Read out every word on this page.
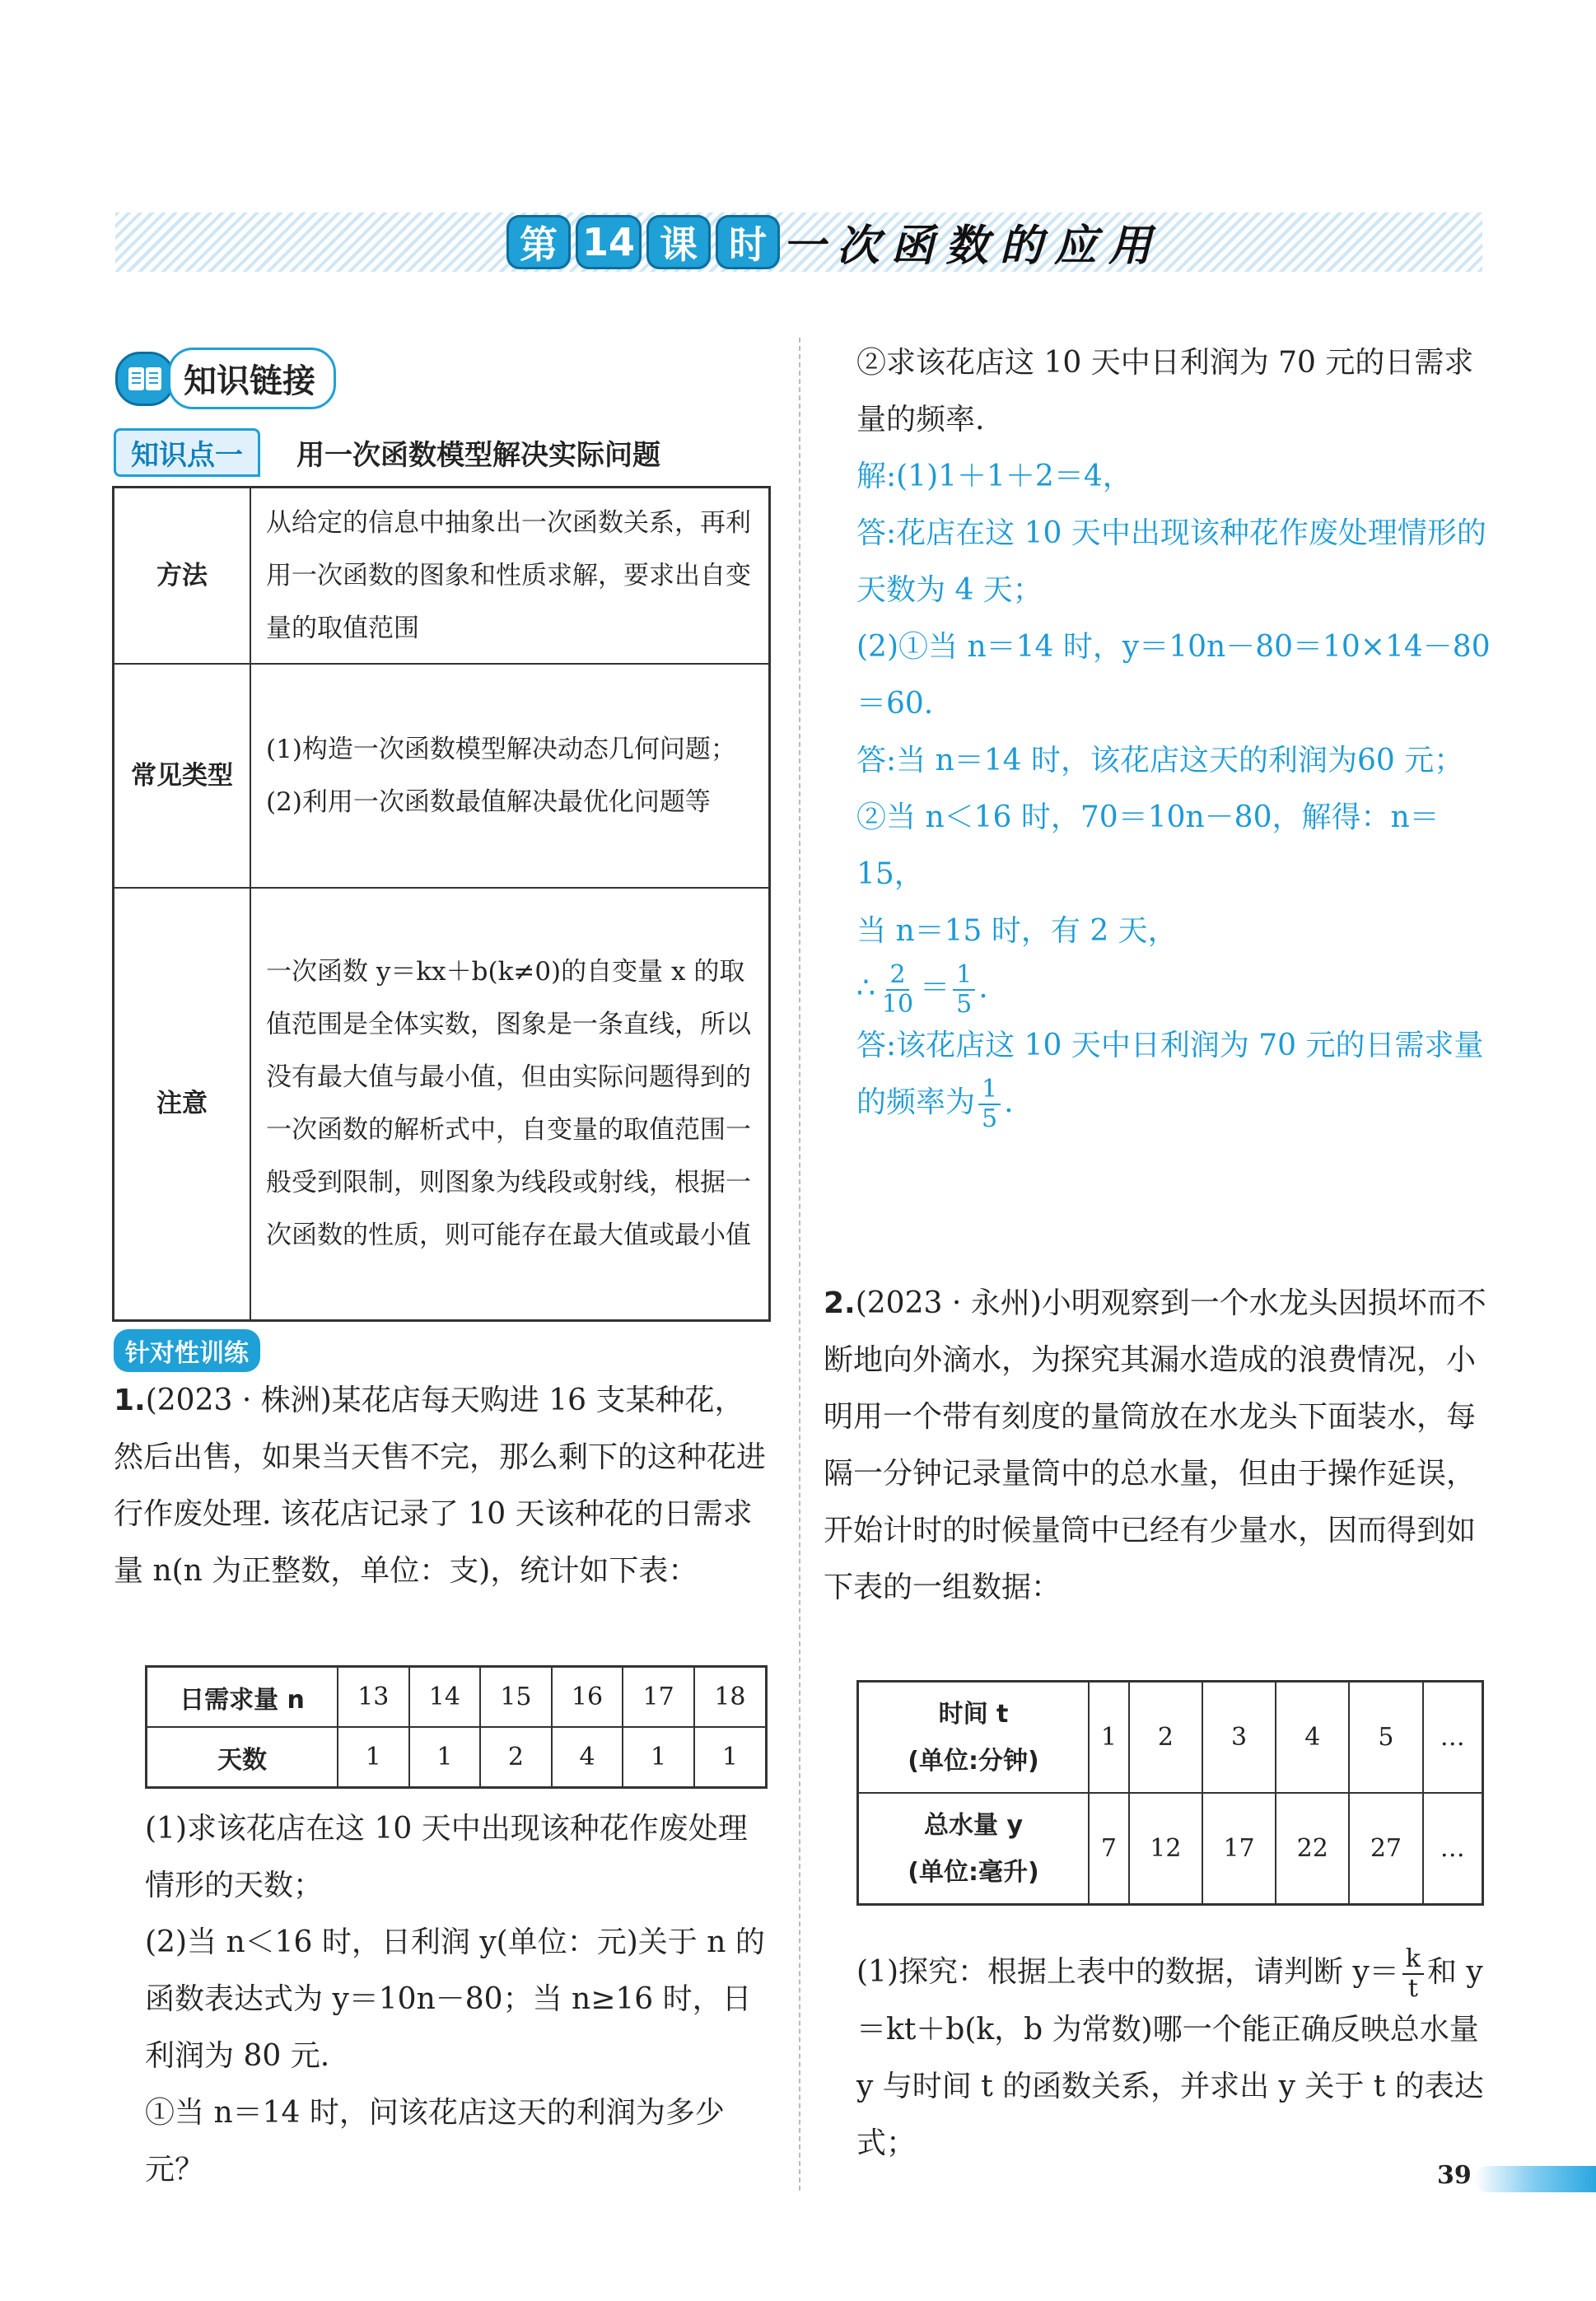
第 14 课 时 一次函数的应用
知识链接
知识点一	用一次函数模型解决实际问题
方法	从给定的信息中抽象出一次函数关系，再利用一次函数的图象和性质求解，要求出自变量的取值范围
常见类型	(1)构造一次函数模型解决动态几何问题；(2)利用一次函数最值解决最优化问题等
注意	一次函数 y＝kx＋b(k≠0)的自变量 x 的取值范围是全体实数，图象是一条直线，所以没有最大值与最小值，但由实际问题得到的一次函数的解析式中，自变量的取值范围一般受到限制，则图象为线段或射线，根据一次函数的性质，则可能存在最大值或最小值
针对性训练
1.(2023 · 株洲)某花店每天购进 16 支某种花，然后出售，如果当天售不完，那么剩下的这种花进行作废处理. 该花店记录了 10 天该种花的日需求量 n(n 为正整数，单位：支)，统计如下表：
日需求量 n	13	14	15	16	17	18
天数	1	1	2	4	1	1
(1)求该花店在这 10 天中出现该种花作废处理情形的天数；
(2)当 n＜16 时，日利润 y(单位：元)关于 n 的函数表达式为 y＝10n－80；当 n≥16 时，日利润为 80 元.
①当 n＝14 时，问该花店这天的利润为多少元？
②求该花店这 10 天中日利润为 70 元的日需求量的频率.
解:(1)1＋1＋2＝4，
答:花店在这 10 天中出现该种花作废处理情形的天数为 4 天；
(2)①当 n＝14 时，y＝10n－80＝10×14－80＝60.
答:当 n＝14 时，该花店这天的利润为60 元；
②当 n＜16 时，70＝10n－80，解得：n＝15，
当 n＝15 时，有 2 天，
∴ $\frac{2}{10} = \frac{1}{5}$ .
答:该花店这 10 天中日利润为 70 元的日需求量的频率为 $\frac{1}{5}$ .
2.(2023 · 永州)小明观察到一个水龙头因损坏而不断地向外滴水，为探究其漏水造成的浪费情况，小明用一个带有刻度的量筒放在水龙头下面装水，每隔一分钟记录量筒中的总水量，但由于操作延误，开始计时的时候量筒中已经有少量水，因而得到如下表的一组数据：
时间 t
(单位:分钟)	1	2	3	4	5	…

总水量 y
(单位:毫升)	7	12	17	22	27	…
(1)探究：根据上表中的数据，请判断 $y= \frac{k}{t}$ 和 y＝kt＋b(k，b 为常数)哪一个能正确反映总水量 y 与时间 t 的函数关系，并求出 y 关于 t 的表达式；
39
